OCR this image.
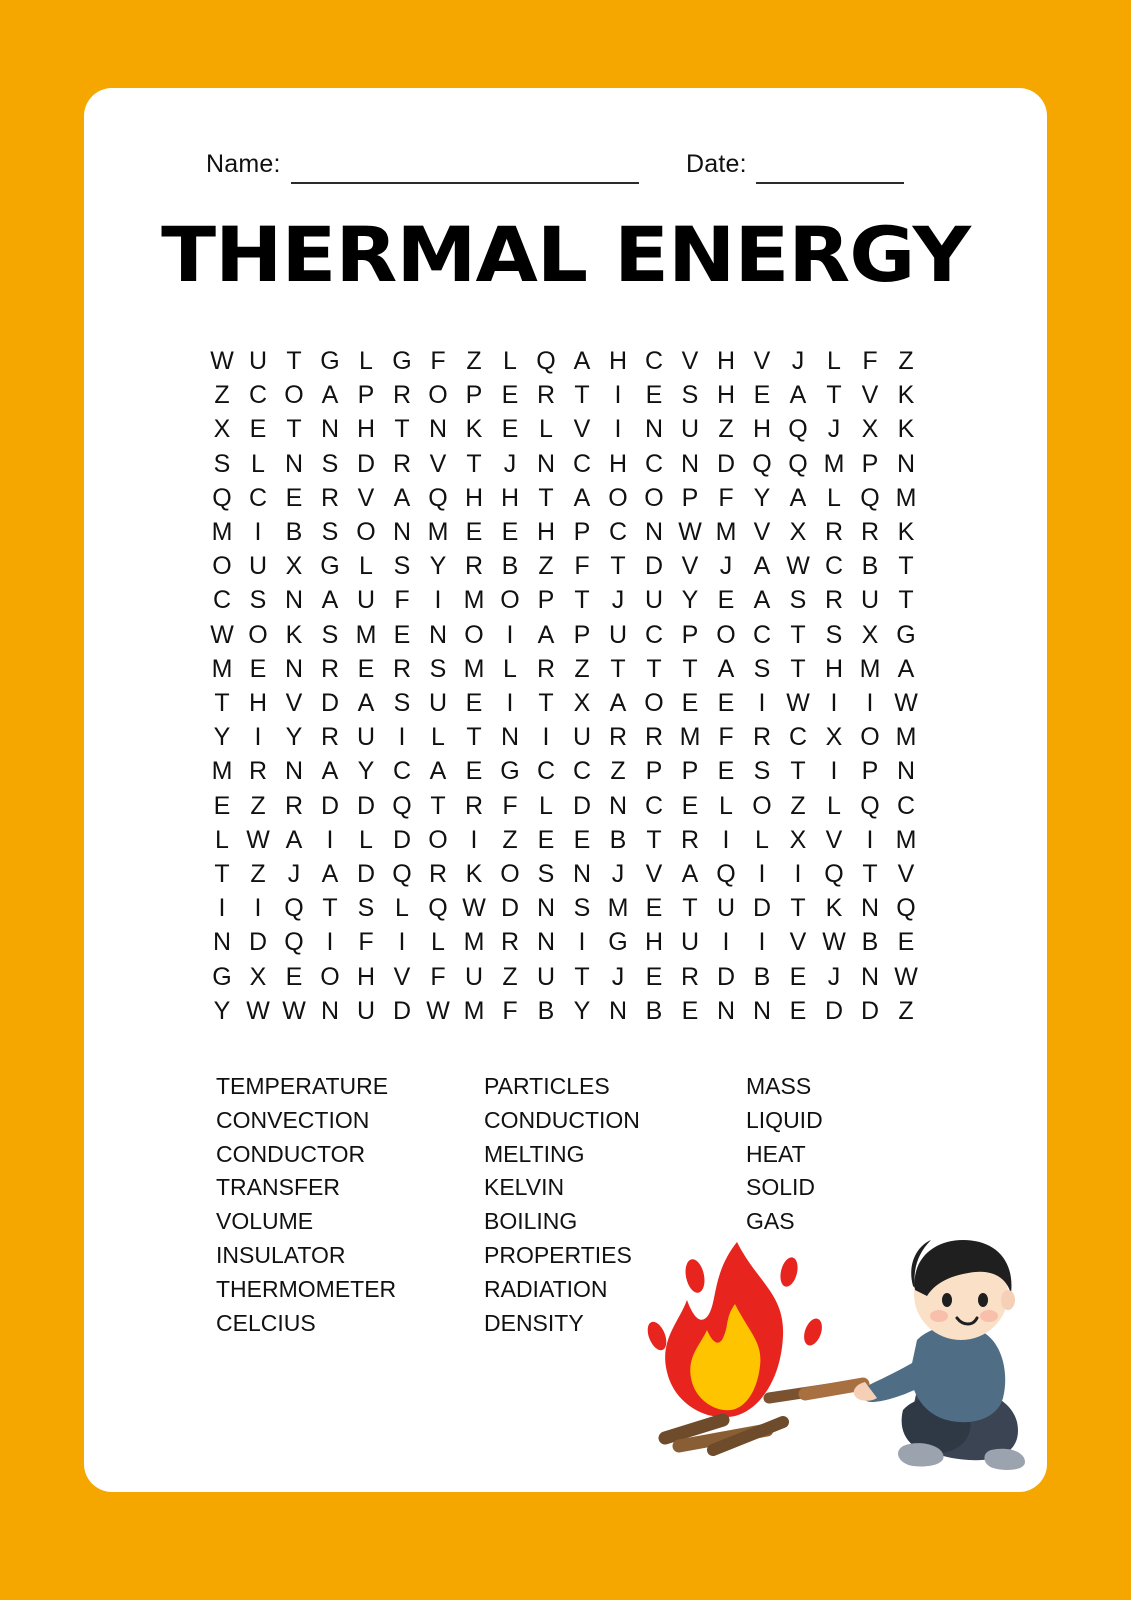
Name:	Date:
THERMAL ENERGY
W U T G L G F Z L Q A H C V H V J L F Z
Z C O A P R O P E R T I E S H E A T V K
X E T N H T N K E L V I N U Z H Q J X K
S L N S D R V T J N C H C N D Q Q M P N
Q C E R V A Q H H T A O O P F Y A L Q M
M I B S O N M E E H P C N W M V X R R K
O U X G L S Y R B Z F T D V J A W C B T
C S N A U F I M O P T J U Y E A S R U T
W O K S M E N O I A P U C P O C T S X G
M E N R E R S M L R Z T T T A S T H M A
T H V D A S U E I T X A O E E I W I	I W
Y I Y R U I	L T N I U R R M F R C X O M
M R N A Y C A E G C C Z P P E S T I P N
E Z R D D Q T R F L D N C E L O Z L Q C
L W A I	L D O I Z E E B T R I	L X V I M
T Z J A D Q R K O S N J V A Q I	I Q T V
I	I Q T S L Q W D N S M E T U D T K N Q
N D Q I F I	L M R N I G H U I	I V W B E
G X E O H V F U Z U T J E R D B E J N W
Y W W N U D W M F B Y N B E N N E D D Z
TEMPERATURE
CONVECTION
CONDUCTOR
TRANSFER
VOLUME
INSULATOR
THERMOMETER
CELCIUS
PARTICLES
CONDUCTION
MELTING
KELVIN
BOILING
PROPERTIES
RADIATION
DENSITY
MASS
LIQUID
HEAT
SOLID
GAS
